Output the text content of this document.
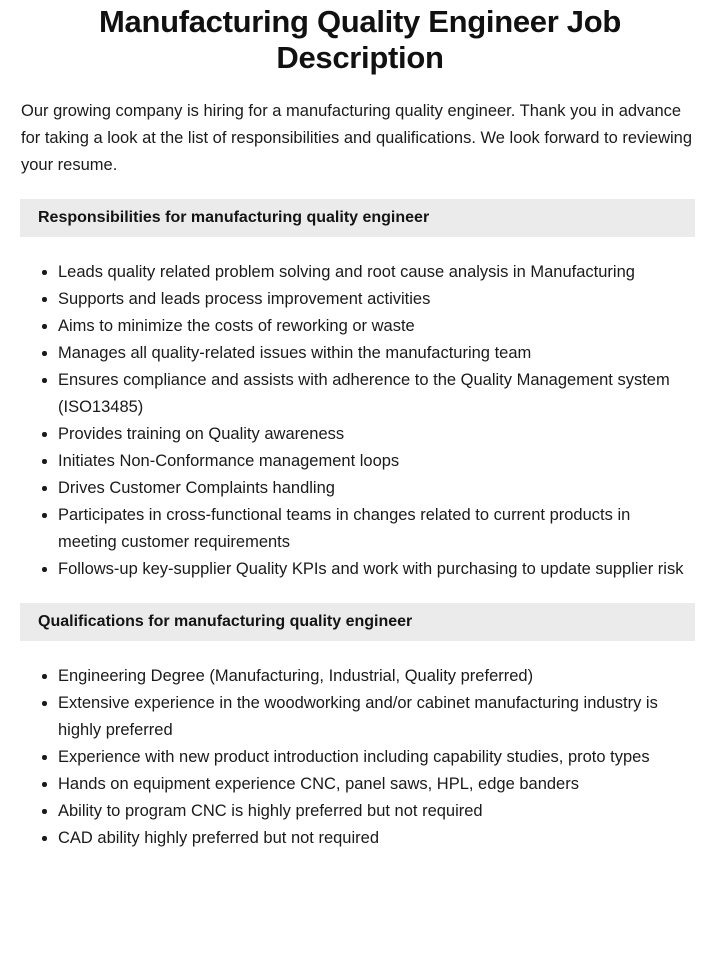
Manufacturing Quality Engineer Job Description

Our growing company is hiring for a manufacturing quality engineer. Thank you in advance for taking a look at the list of responsibilities and qualifications. We look forward to reviewing your resume.

Responsibilities for manufacturing quality engineer
Leads quality related problem solving and root cause analysis in Manufacturing
Supports and leads process improvement activities
Aims to minimize the costs of reworking or waste
Manages all quality-related issues within the manufacturing team
Ensures compliance and assists with adherence to the Quality Management system (ISO13485)
Provides training on Quality awareness
Initiates Non-Conformance management loops
Drives Customer Complaints handling
Participates in cross-functional teams in changes related to current products in meeting customer requirements
Follows-up key-supplier Quality KPIs and work with purchasing to update supplier risk
Qualifications for manufacturing quality engineer
Engineering Degree (Manufacturing, Industrial, Quality preferred)
Extensive experience in the woodworking and/or cabinet manufacturing industry is highly preferred
Experience with new product introduction including capability studies, proto types
Hands on equipment experience CNC, panel saws, HPL, edge banders
Ability to program CNC is highly preferred but not required
CAD ability highly preferred but not required
